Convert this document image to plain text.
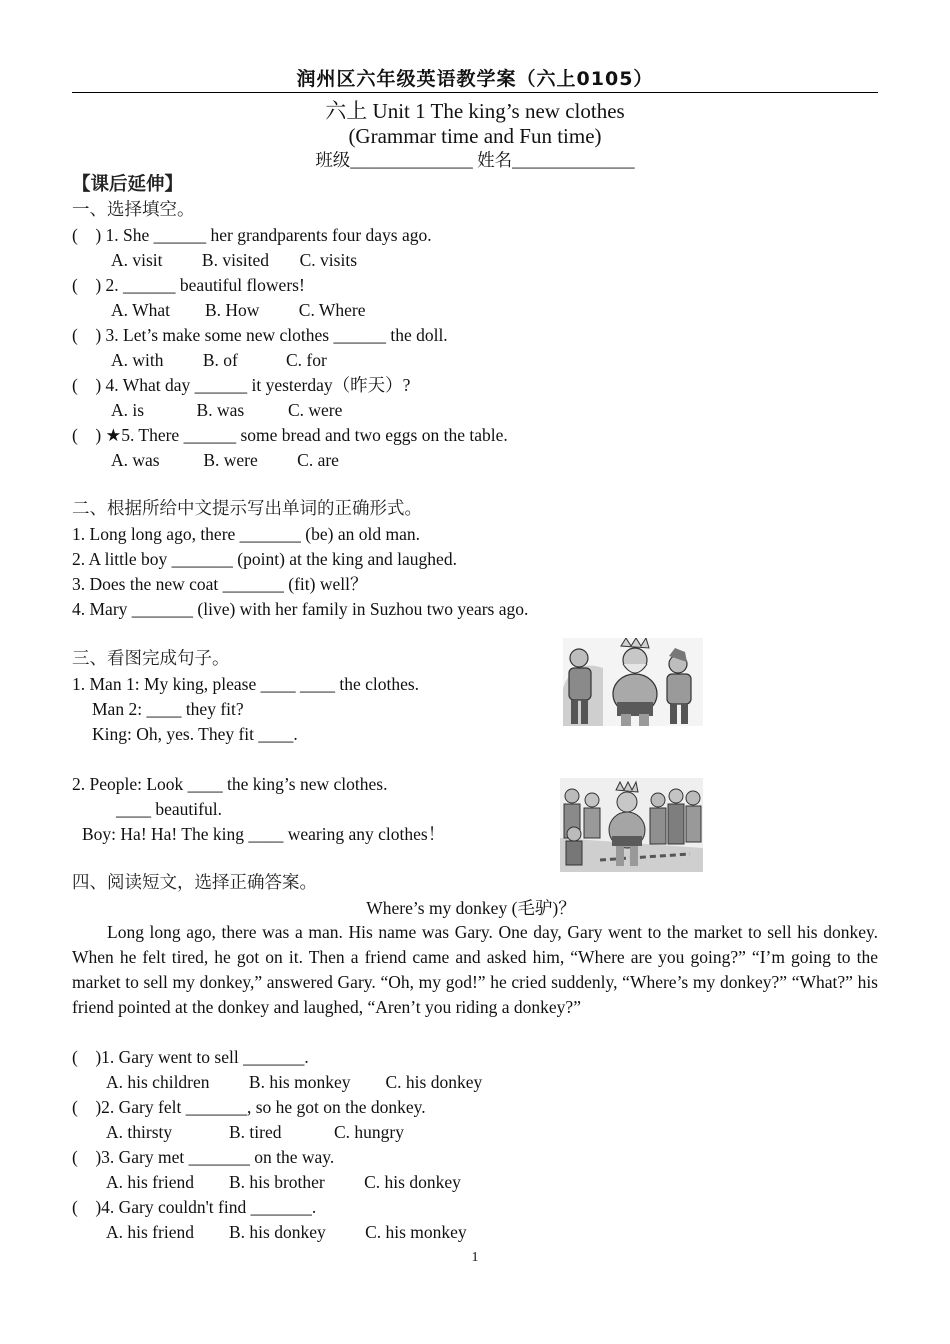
润州区六年级英语教学案（六上0105）
六上 Unit 1 The king’s new clothes
(Grammar time and Fun time)
班级______________ 姓名______________
【课后延伸】
一、选择填空。
(    ) 1. She ______ her grandparents four days ago.
A. visit         B. visited       C. visits
(    ) 2. ______ beautiful flowers!
A. What        B. How         C. Where
(    ) 3. Let’s make some new clothes ______ the doll.
A. with         B. of           C. for
(    ) 4. What day ______ it yesterday（昨天）?
A. is            B. was          C. were
(    ) ★5. There ______ some bread and two eggs on the table.
A. was          B. were         C. are
二、根据所给中文提示写出单词的正确形式。
1. Long long ago, there _______ (be) an old man.
2. A little boy _______ (point) at the king and laughed.
3. Does the new coat _______ (fit) well？
4. Mary _______ (live) with her family in Suzhou two years ago.
三、看图完成句子。
1. Man 1: My king, please ____ ____ the clothes.
Man 2: ____ they fit?
King: Oh, yes. They fit ____.
2. People: Look ____ the king’s new clothes.
____ beautiful.
Boy: Ha! Ha! The king ____ wearing any clothes！
四、阅读短文，选择正确答案。
Where’s my donkey (毛驴)？
Long long ago, there was a man. His name was Gary. One day, Gary went to the market to sell his donkey. When he felt tired, he got on it. Then a friend came and asked him, “Where are you going?” “I’m going to the market to sell my donkey,” answered Gary. “Oh, my god!” he cried suddenly, “Where’s my donkey?” “What?” his friend pointed at the donkey and laughed, “Aren’t you riding a donkey?”
(    )1. Gary went to sell _______.
A. his children         B. his monkey        C. his donkey
(    )2. Gary felt _______, so he got on the donkey.
A. thirsty             B. tired            C. hungry
(    )3. Gary met _______ on the way.
A. his friend        B. his brother         C. his donkey
(    )4. Gary couldn't find _______.
A. his friend        B. his donkey         C. his monkey
1
